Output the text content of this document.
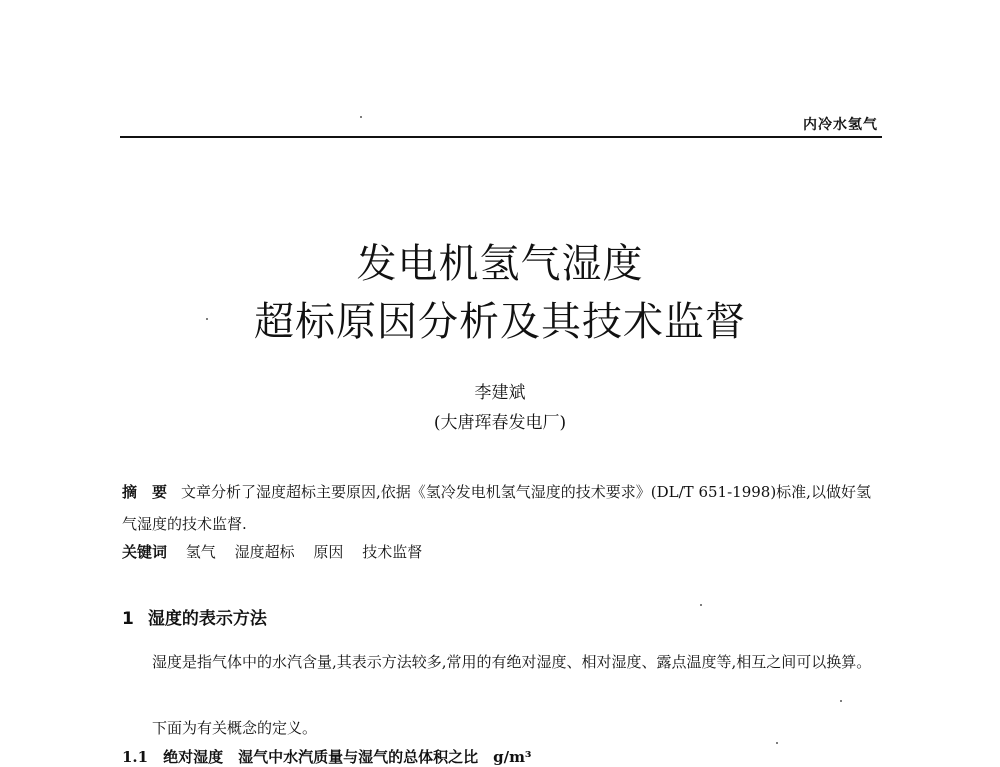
内冷水氢气
发电机氢气湿度
超标原因分析及其技术监督
李建斌
(大唐珲春发电厂)
摘　要 文章分析了湿度超标主要原因,依据《氢冷发电机氢气湿度的技术要求》(DL/T 651-1998)标准,以做好氢气湿度的技术监督.
关键词 氢气 湿度超标 原因 技术监督
1 湿度的表示方法
湿度是指气体中的水汽含量,其表示方法较多,常用的有绝对湿度、相对湿度、露点温度等,相互之间可以换算。
下面为有关概念的定义。
1.1　绝对湿度　湿气中水汽质量与湿气的总体积之比　g/m³
